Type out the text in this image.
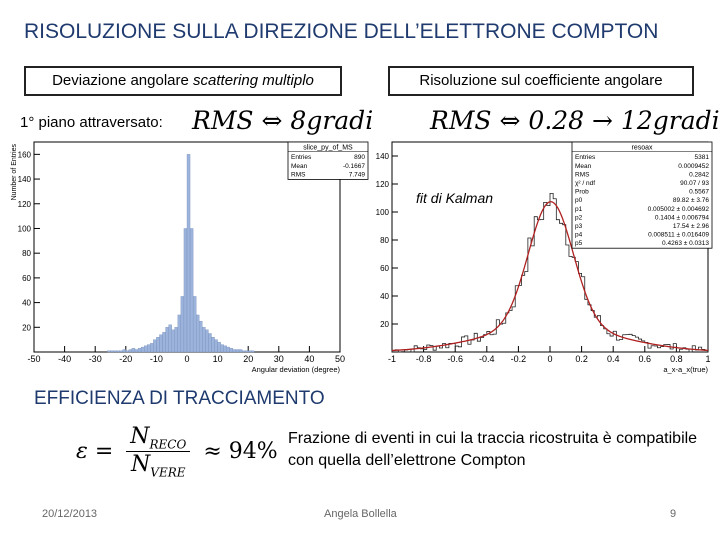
RISOLUZIONE SULLA DIREZIONE DELL’ELETTRONE COMPTON
Deviazione angolare scattering multiplo	Risoluzione sul coefficiente angolare
1° piano attraversato: RMS ⇔ 8gradi RMS ⇔ 0.28 → 12gradi
-50 -40 -30 -20 -10 0	10 20 30 40 50
20
40
60
80
100
120
140
160
Angular deviation (degree)
Number of Entries	slice_py_of_MS
Entries	890
Mean	-0.1667
RMS	7.749
-1 -0.8 -0.6 -0.4 -0.2 0	0.2 0.4 0.6 0.8	1
20
40
60
80
100
120
140
a_x-a_x(true)
resoax
Entries	5381
Mean	0.0009452
RMS	0.2842
χ² / ndf	90.07 / 93
Prob	0.5567
p0	89.82 ± 3.76
p1	0.005002 ± 0.004692
p2	0.1404 ± 0.006794
p3	17.54 ± 2.96
p4	0.008511 ± 0.016409
p5	0.4263 ± 0.0313
fit di Kalman
EFFICIENZA DI TRACCIAMENTO
$\varepsilon = \frac{N_{RECO}}{N_{VERE}} \approx 94\%$
Frazione di eventi in cui la traccia ricostruita è compatibile con quella dell’elettrone Compton
20/12/2013	Angela Bollella	9
